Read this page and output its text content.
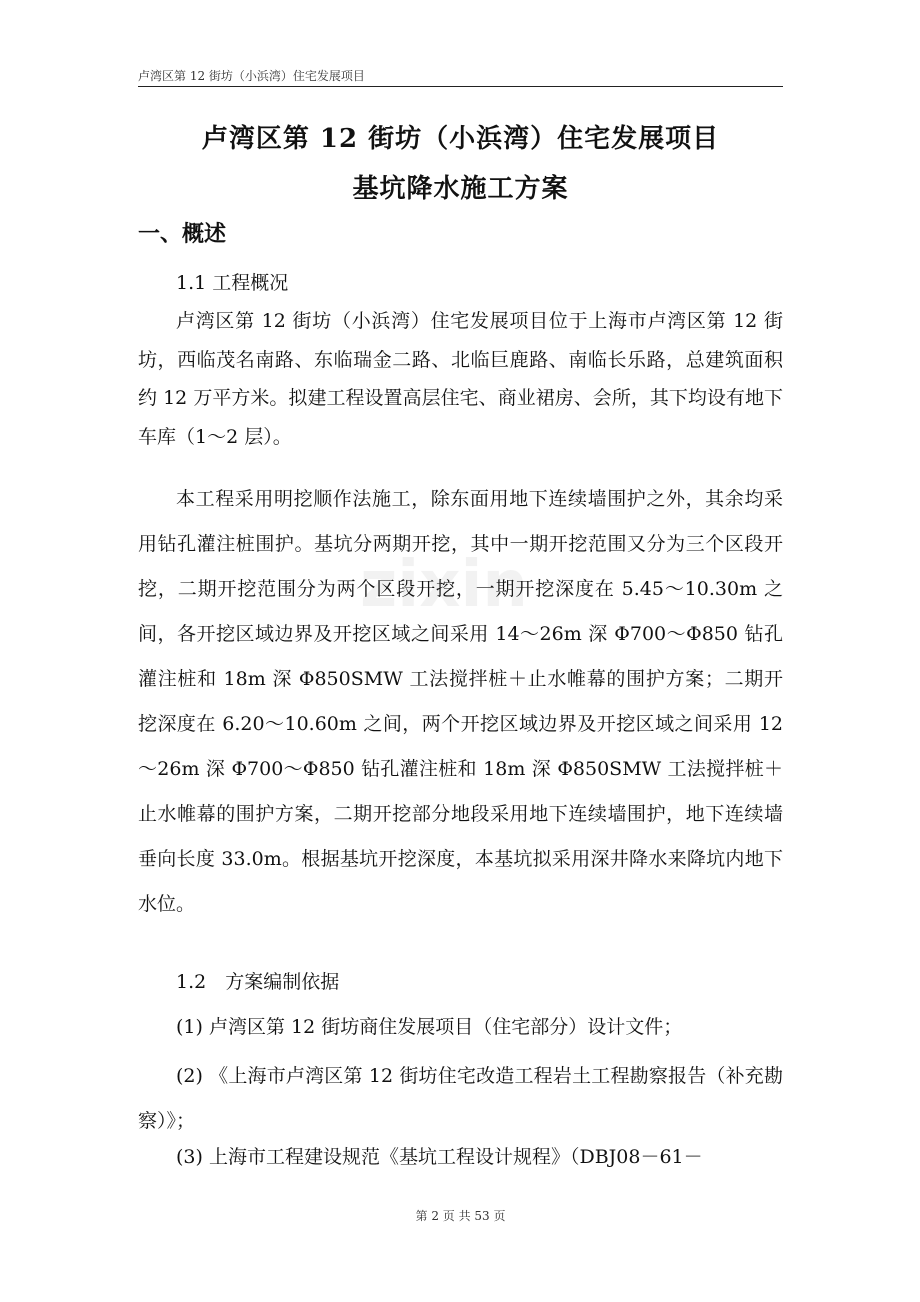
卢湾区第 12 街坊（小浜湾）住宅发展项目
zixin
卢湾区第 12 街坊（小浜湾）住宅发展项目
基坑降水施工方案
一、概述
1.1 工程概况
卢湾区第 12 街坊（小浜湾）住宅发展项目位于上海市卢湾区第 12 街坊，西临茂名南路、东临瑞金二路、北临巨鹿路、南临长乐路，总建筑面积约 12 万平方米。拟建工程设置高层住宅、商业裙房、会所，其下均设有地下车库（1～2 层）。
本工程采用明挖顺作法施工，除东面用地下连续墙围护之外，其余均采用钻孔灌注桩围护。基坑分两期开挖，其中一期开挖范围又分为三个区段开挖，二期开挖范围分为两个区段开挖，一期开挖深度在 5.45～10.30m 之间，各开挖区域边界及开挖区域之间采用 14～26m 深 Φ700～Φ850 钻孔灌注桩和 18m 深 Φ850SMW 工法搅拌桩＋止水帷幕的围护方案；二期开挖深度在 6.20～10.60m 之间，两个开挖区域边界及开挖区域之间采用 12～26m 深 Φ700～Φ850 钻孔灌注桩和 18m 深 Φ850SMW 工法搅拌桩＋止水帷幕的围护方案，二期开挖部分地段采用地下连续墙围护，地下连续墙垂向长度 33.0m。根据基坑开挖深度，本基坑拟采用深井降水来降坑内地下水位。
1.2　方案编制依据
(1) 卢湾区第 12 街坊商住发展项目（住宅部分）设计文件；
(2) 《上海市卢湾区第 12 街坊住宅改造工程岩土工程勘察报告（补充勘察）》；
(3) 上海市工程建设规范《基坑工程设计规程》（DBJ08－61－
第 2 页 共 53 页
